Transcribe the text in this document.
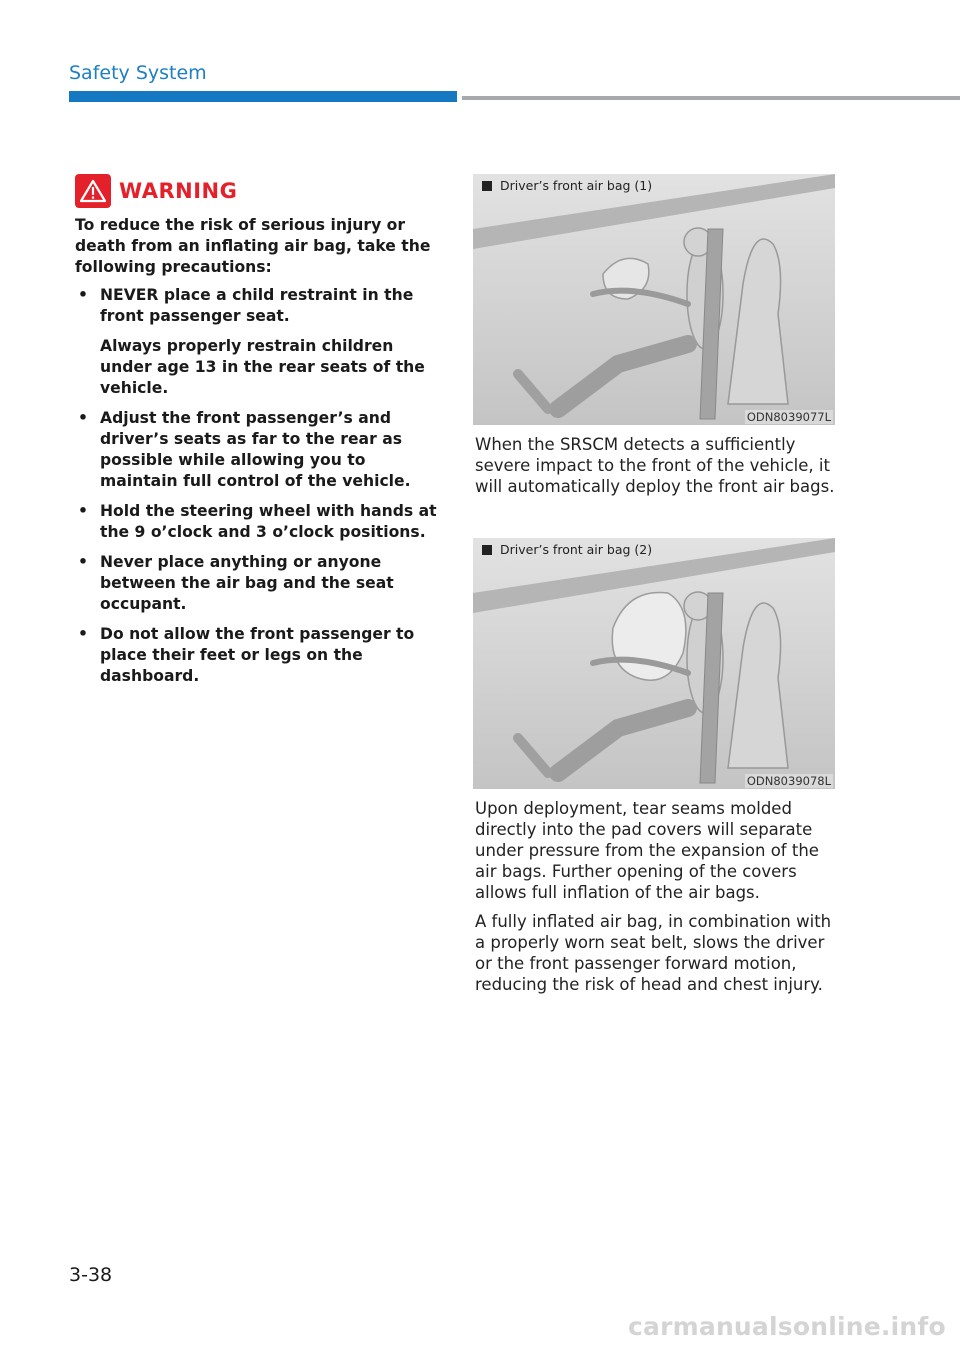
Safety System
WARNING
To reduce the risk of serious injury or death from an inflating air bag, take the following precautions:
• NEVER place a child restraint in the front passenger seat.
Always properly restrain children under age 13 in the rear seats of the vehicle.
• Adjust the front passenger’s and driver’s seats as far to the rear as possible while allowing you to maintain full control of the vehicle.
• Hold the steering wheel with hands at the 9 o’clock and 3 o’clock positions.
• Never place anything or anyone between the air bag and the seat occupant.
• Do not allow the front passenger to place their feet or legs on the dashboard.
Driver’s front air bag (1)
ODN8039077L

When the SRSCM detects a sufficiently severe impact to the front of the vehicle, it will automatically deploy the front air bags.

Driver’s front air bag (2)
ODN8039078L

Upon deployment, tear seams molded directly into the pad covers will separate under pressure from the expansion of the air bags. Further opening of the covers allows full inflation of the air bags.

A fully inflated air bag, in combination with a properly worn seat belt, slows the driver or the front passenger forward motion, reducing the risk of head and chest injury.

3-38
carmanualsonline.info
